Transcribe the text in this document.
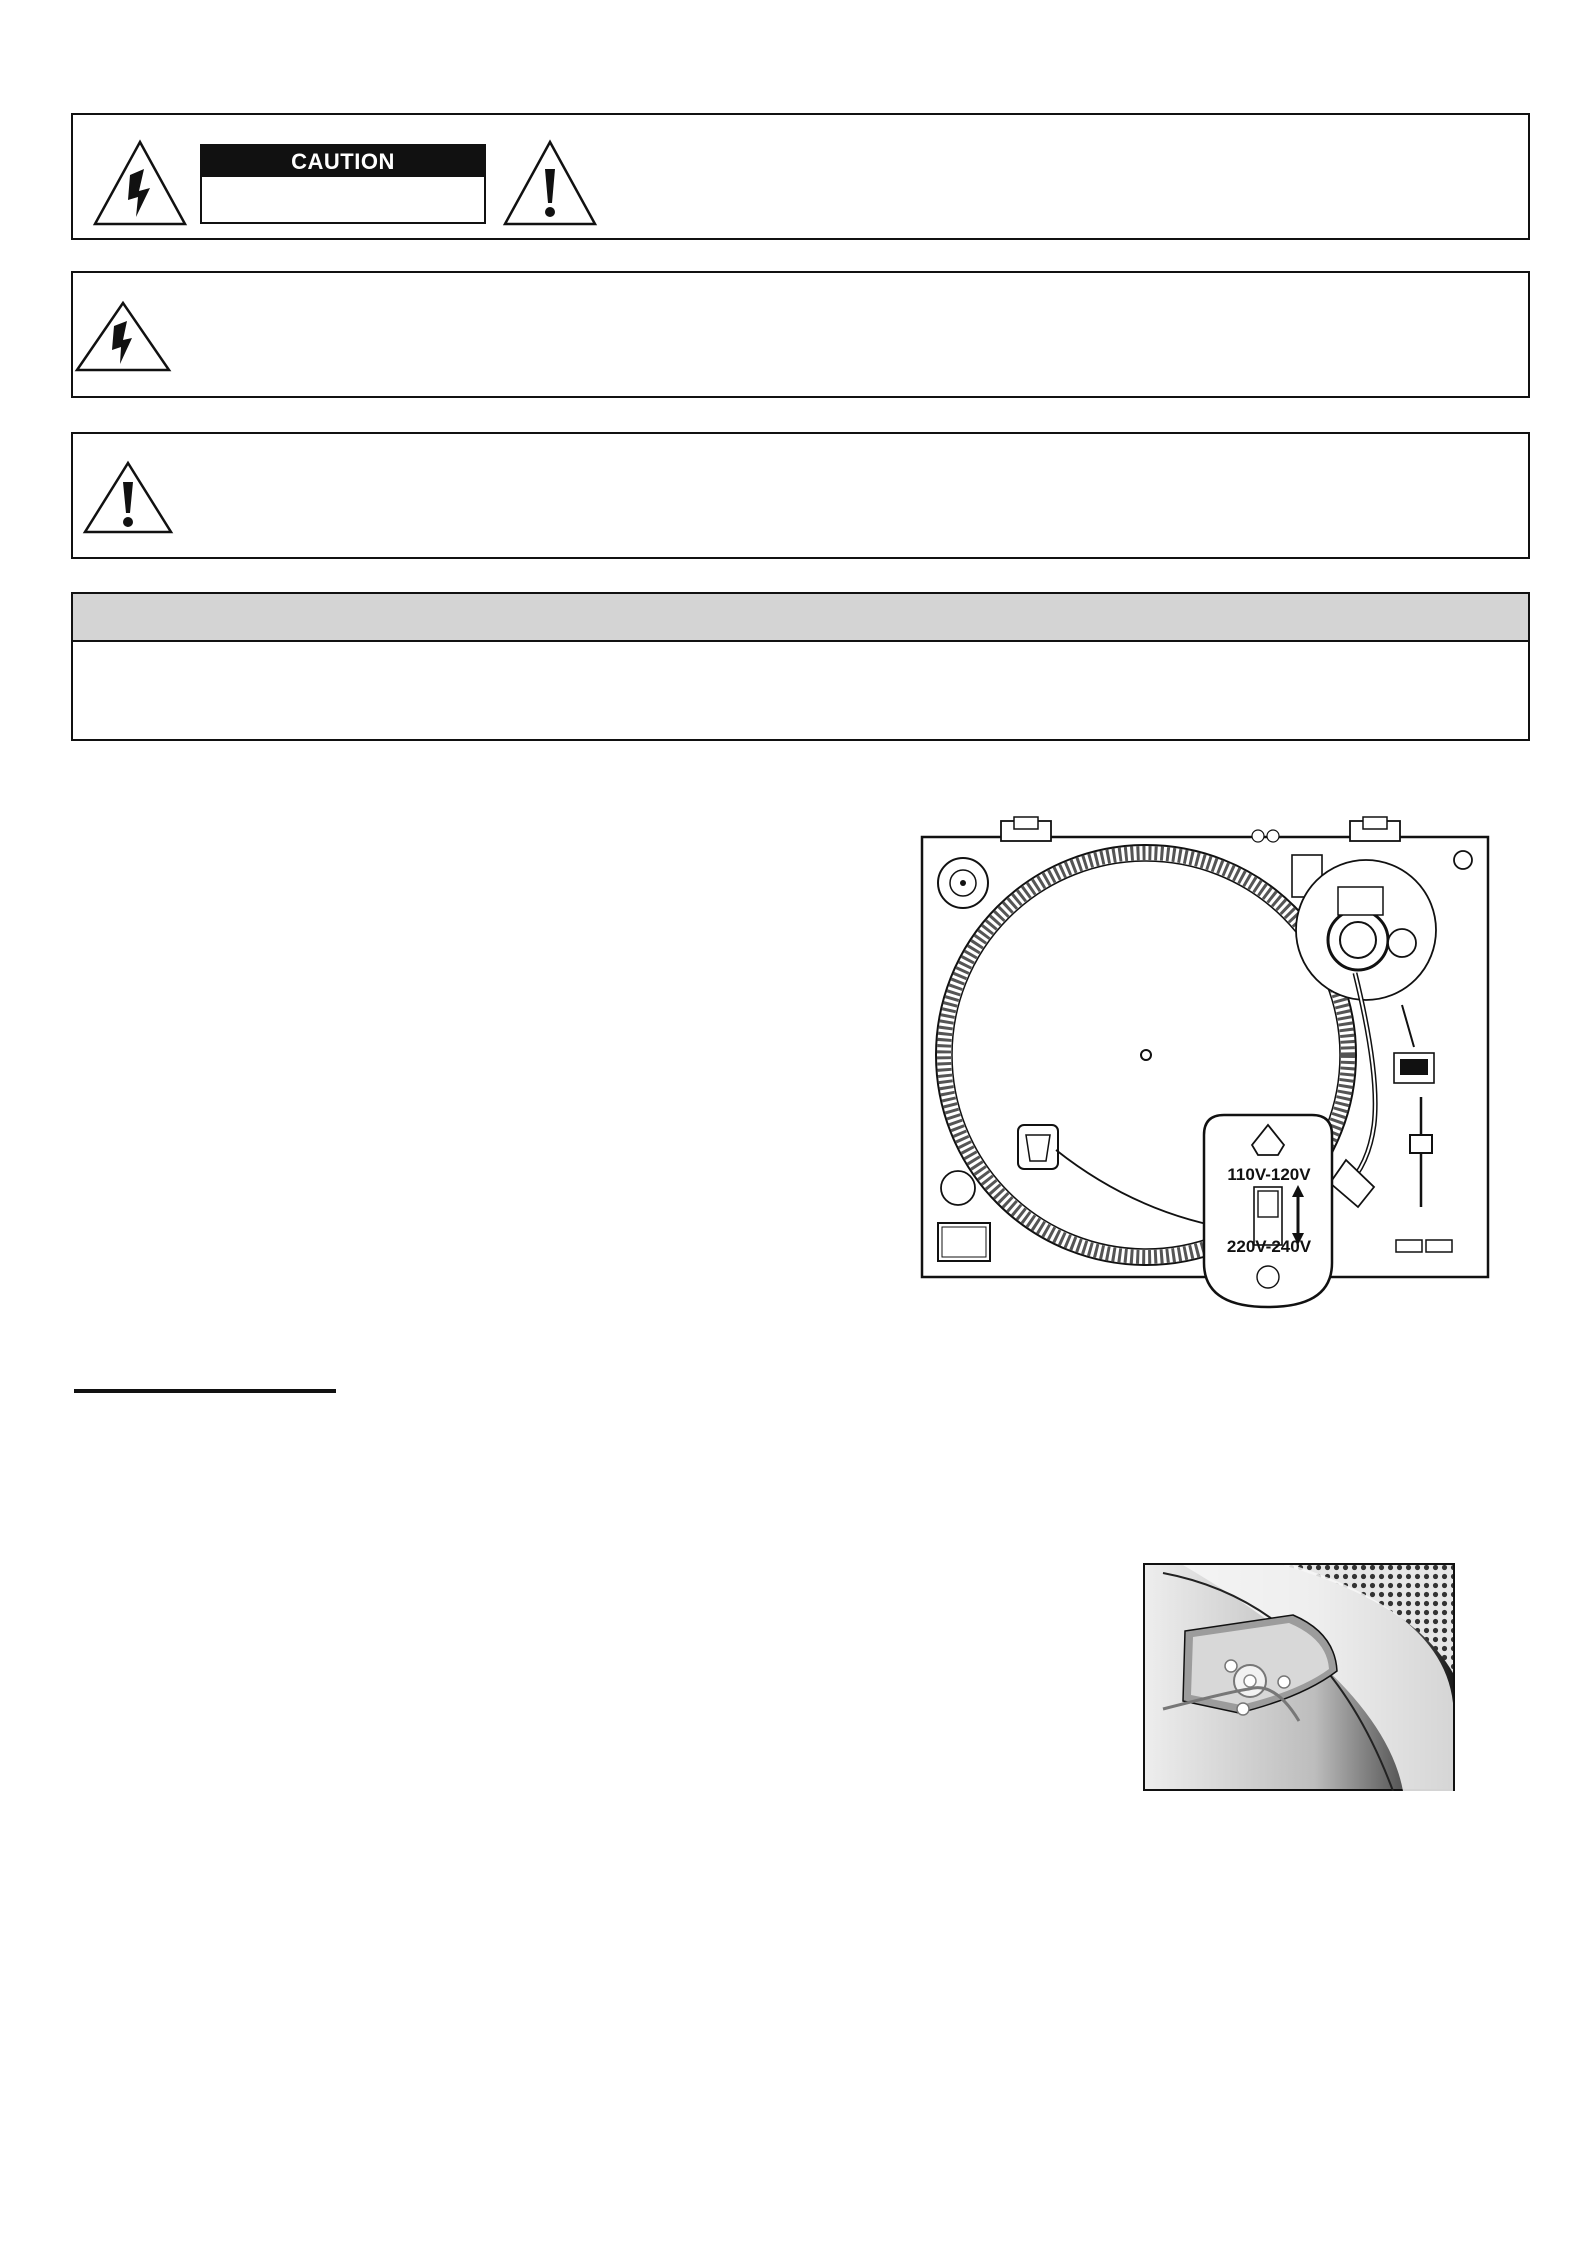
CAUTION
110V-120V
220V-240V
